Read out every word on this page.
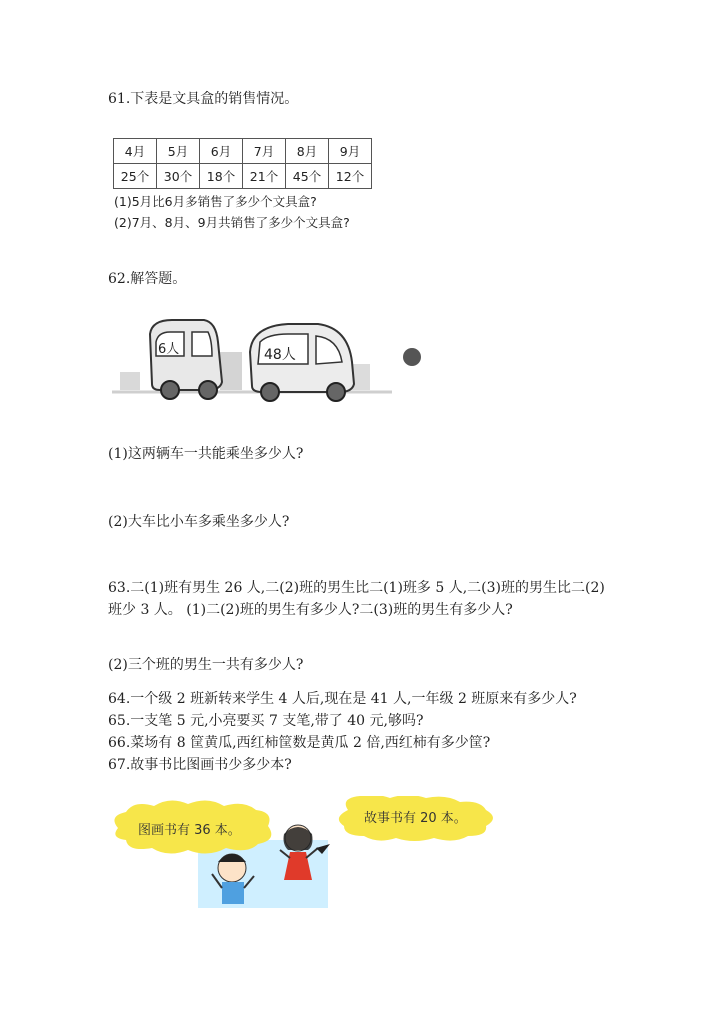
61.下表是文具盒的销售情况。
4月	5月	6月	7月	8月	9月
25个	30个	18个	21个	45个	12个
(1)5月比6月多销售了多少个文具盒?
(2)7月、8月、9月共销售了多少个文具盒?
62.解答题。
6人	48人
(1)这两辆车一共能乘坐多少人?
(2)大车比小车多乘坐多少人?
63.二(1)班有男生 26 人,二(2)班的男生比二(1)班多 5 人,二(3)班的男生比二(2)班少 3 人。 (1)二(2)班的男生有多少人?二(3)班的男生有多少人?
(2)三个班的男生一共有多少人?
64.一个级 2 班新转来学生 4 人后,现在是 41 人,一年级 2 班原来有多少人?
65.一支笔 5 元,小亮要买 7 支笔,带了 40 元,够吗?
66.菜场有 8 筐黄瓜,西红柿筐数是黄瓜 2 倍,西红柿有多少筐?
67.故事书比图画书少多少本?
图画书有 36 本。
故事书有 20 本。
